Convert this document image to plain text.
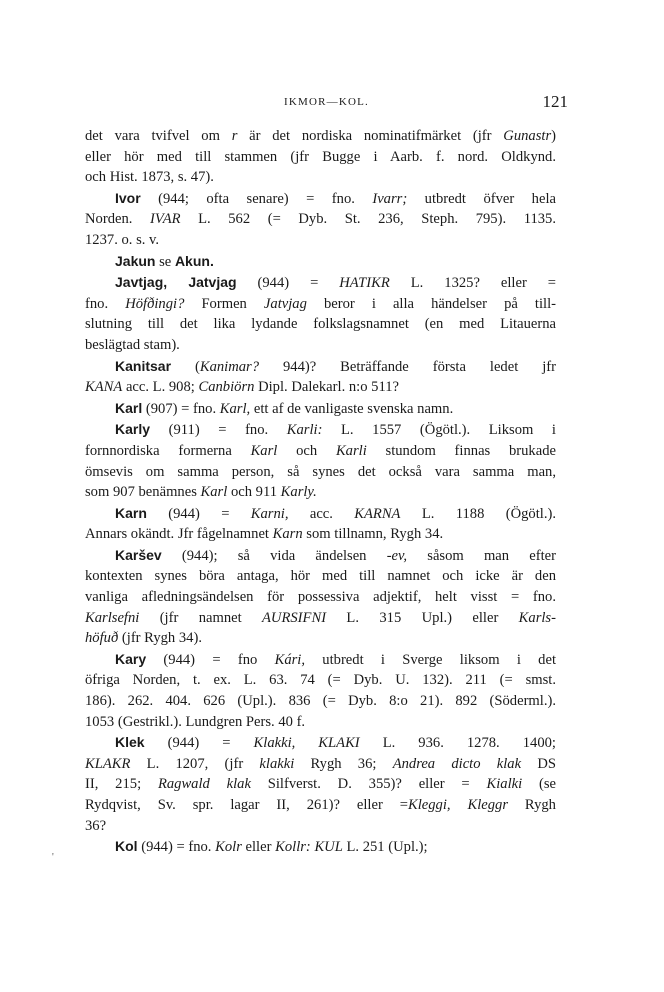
IKMOR—KOL.	121
'

det vara tvifvel om r är det nordiska nominatifmärket (jfr Gunastr)

eller hör med till stammen (jfr Bugge i Aarb. f. nord. Oldkynd.

och Hist. 1873, s. 47).

Ivor (944; ofta senare) = fno. Ivarr; utbredt öfver hela

Norden. IVAR L. 562 (= Dyb. St. 236, Steph. 795). 1135.

1237. o. s. v.

Jakun se Akun.

Javtjag, Jatvjag (944) = HATIKR L. 1325? eller =

fno. Höfðingi? Formen Jatvjag beror i alla händelser på till-

slutning till det lika lydande folkslagsnamnet (en med Litauerna

beslägtad stam).

Kanitsar (Kanimar? 944)? Beträffande första ledet jfr

KANA acc. L. 908; Canbiörn Dipl. Dalekarl. n:o 511?

Karl (907) = fno. Karl, ett af de vanligaste svenska namn.

Karly (911) = fno. Karli: L. 1557 (Ögötl.). Liksom i

fornnordiska formerna Karl och Karli stundom finnas brukade

ömsevis om samma person, så synes det också vara samma man,

som 907 benämnes Karl och 911 Karly.

Karn (944) = Karni, acc. KARNA L. 1188 (Ögötl.).

Annars okändt. Jfr fågelnamnet Karn som tillnamn, Rygh 34.

Karšev (944); så vida ändelsen -ev, såsom man efter

kontexten synes böra antaga, hör med till namnet och icke är den

vanliga afledningsändelsen för possessiva adjektif, helt visst = fno.

Karlsefni (jfr namnet AURSIFNI L. 315 Upl.) eller Karls-

höfuð (jfr Rygh 34).

Kary (944) = fno Kári, utbredt i Sverge liksom i det

öfriga Norden, t. ex. L. 63. 74 (= Dyb. U. 132). 211 (= smst.

186). 262. 404. 626 (Upl.). 836 (= Dyb. 8:o 21). 892 (Söderml.).

1053 (Gestrikl.). Lundgren Pers. 40 f.

Klek (944) = Klakki, KLAKI L. 936. 1278. 1400;

KLAKR L. 1207, (jfr klakki Rygh 36; Andrea dicto klak DS

II, 215; Ragwald klak Silfverst. D. 355)? eller = Kialki (se

Rydqvist, Sv. spr. lagar II, 261)? eller =Kleggi, Kleggr Rygh

36?

Kol (944) = fno. Kolr eller Kollr: KUL L. 251 (Upl.);
